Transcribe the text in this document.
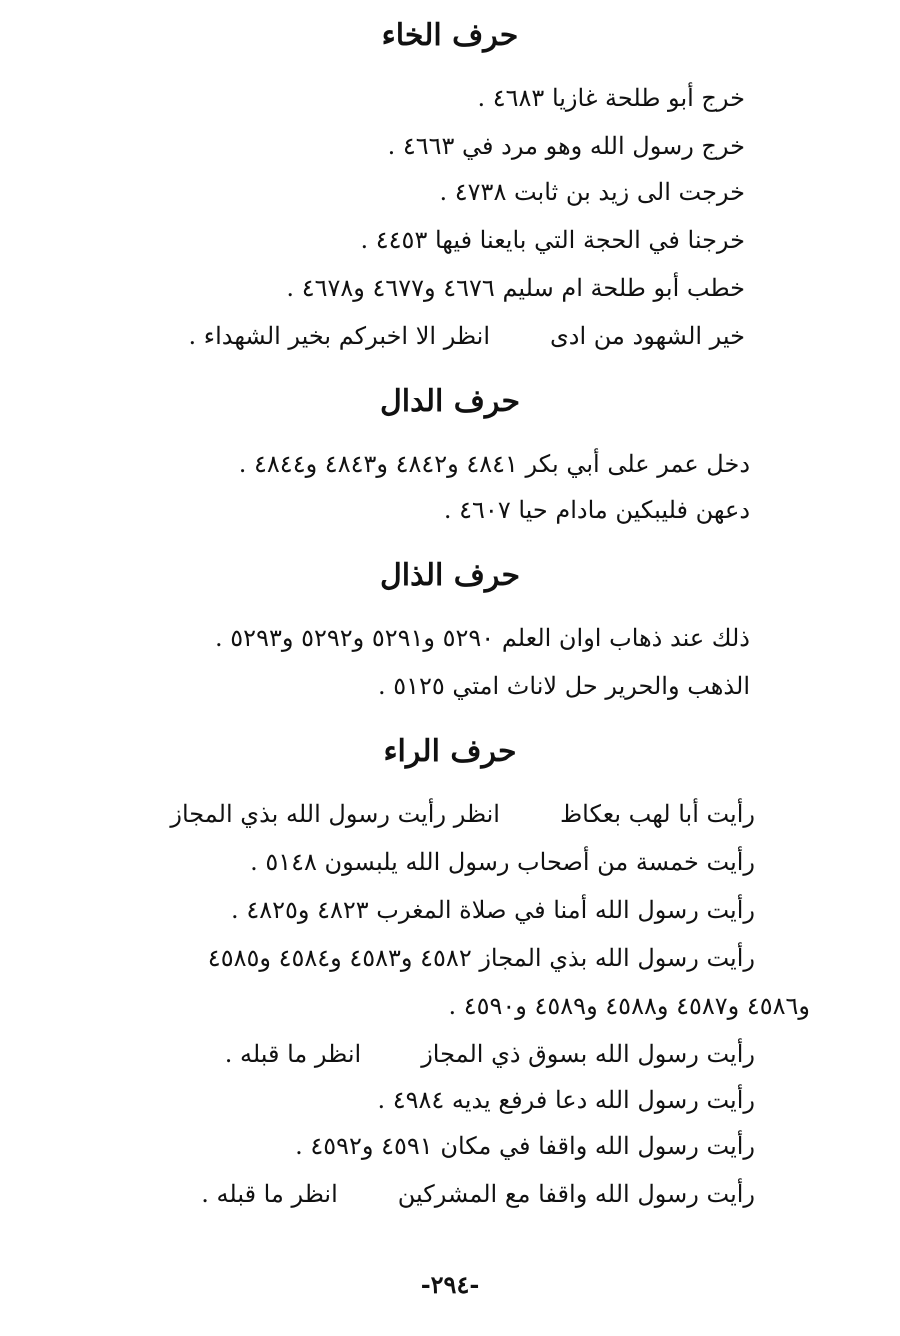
حرف الخاء
خرج أبو طلحة غازيا ٤٦٨٣ .
خرج رسول الله وهو مرد في ٤٦٦٣ .
خرجت الى زيد بن ثابت ٤٧٣٨ .
خرجنا في الحجة التي بايعنا فيها ٤٤٥٣ .
خطب أبو طلحة ام سليم ٤٦٧٦ و٤٦٧٧ و٤٦٧٨ .
خير الشهود من ادىانظر الا اخبركم بخير الشهداء .
حرف الدال
دخل عمر على أبي بكر ٤٨٤١ و٤٨٤٢ و٤٨٤٣ و٤٨٤٤ .
دعهن فليبكين مادام حيا ٤٦٠٧ .
حرف الذال
ذلك عند ذهاب اوان العلم ٥٢٩٠ و٥٢٩١ و٥٢٩٢ و٥٢٩٣ .
الذهب والحرير حل لاناث امتي ٥١٢٥ .
حرف الراء
رأيت أبا لهب بعكاظانظر رأيت رسول الله بذي المجاز
رأيت خمسة من أصحاب رسول الله يلبسون ٥١٤٨ .
رأيت رسول الله أمنا في صلاة المغرب ٤٨٢٣ و٤٨٢٥ .
رأيت رسول الله بذي المجاز ٤٥٨٢ و٤٥٨٣ و٤٥٨٤ و٤٥٨٥
و٤٥٨٦ و٤٥٨٧ و٤٥٨٨ و٤٥٨٩ و٤٥٩٠ .
رأيت رسول الله بسوق ذي المجازانظر ما قبله .
رأيت رسول الله دعا فرفع يديه ٤٩٨٤ .
رأيت رسول الله واقفا في مكان ٤٥٩١ و٤٥٩٢ .
رأيت رسول الله واقفا مع المشركينانظر ما قبله .
-٢٩٤-
